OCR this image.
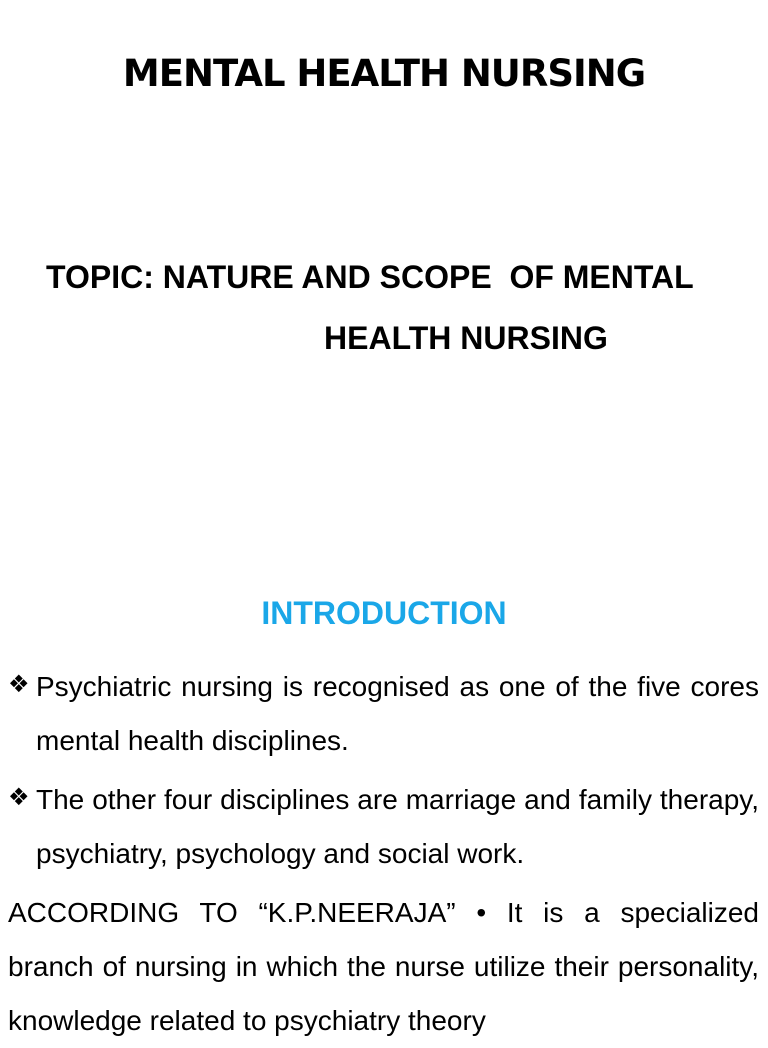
MENTAL HEALTH NURSING
TOPIC: NATURE AND SCOPE  OF MENTAL
HEALTH NURSING
INTRODUCTION
❖ Psychiatric nursing is recognised as one of the five cores mental health disciplines.
❖ The other four disciplines are marriage and family therapy, psychiatry, psychology and social work.
ACCORDING TO “K.P.NEERAJA” • It is a specialized branch of nursing in which the nurse utilize their personality, knowledge related to psychiatry theory
